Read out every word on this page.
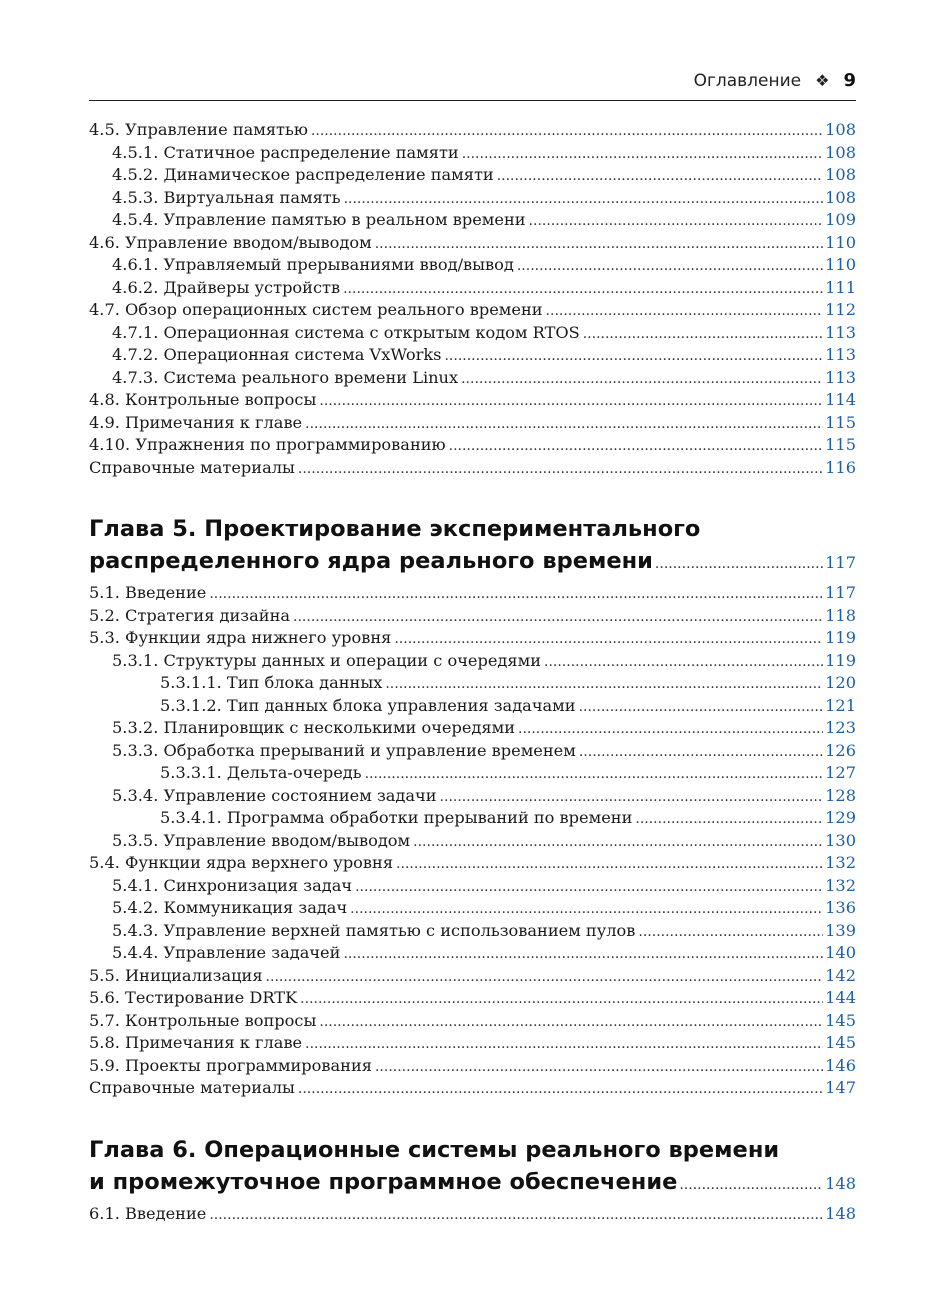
Оглавление ❖ 9
4.5. Управление памятью .....	108
4.5.1. Статичное распределение памяти .....	108
4.5.2. Динамическое распределение памяти .....	108
4.5.3. Виртуальная память .....	108
4.5.4. Управление памятью в реальном времени .....	109
4.6. Управление вводом/выводом .....	110
4.6.1. Управляемый прерываниями ввод/вывод .....	110
4.6.2. Драйверы устройств .....	111
4.7. Обзор операционных систем реального времени .....	112
4.7.1. Операционная система с открытым кодом RTOS .....	113
4.7.2. Операционная система VxWorks .....	113
4.7.3. Система реального времени Linux .....	113
4.8. Контрольные вопросы .....	114
4.9. Примечания к главе .....	115
4.10. Упражнения по программированию .....	115
Справочные материалы .....	116
Глава 5. Проектирование экспериментального
распределенного ядра реального времени .....	117
5.1. Введение .....	117
5.2. Стратегия дизайна .....	118
5.3. Функции ядра нижнего уровня .....	119
5.3.1. Структуры данных и операции с очередями .....	119
5.3.1.1. Тип блока данных .....	120
5.3.1.2. Тип данных блока управления задачами .....	121
5.3.2. Планировщик с несколькими очередями .....	123
5.3.3. Обработка прерываний и управление временем .....	126
5.3.3.1. Дельта-очередь .....	127
5.3.4. Управление состоянием задачи .....	128
5.3.4.1. Программа обработки прерываний по времени .....	129
5.3.5. Управление вводом/выводом .....	130
5.4. Функции ядра верхнего уровня .....	132
5.4.1. Синхронизация задач .....	132
5.4.2. Коммуникация задач .....	136
5.4.3. Управление верхней памятью с использованием пулов .....	139
5.4.4. Управление задачей .....	140
5.5. Инициализация .....	142
5.6. Тестирование DRTK .....	144
5.7. Контрольные вопросы .....	145
5.8. Примечания к главе .....	145
5.9. Проекты программирования .....	146
Справочные материалы .....	147
Глава 6. Операционные системы реального времени
и промежуточное программное обеспечение .....	148
6.1. Введение .....	148
